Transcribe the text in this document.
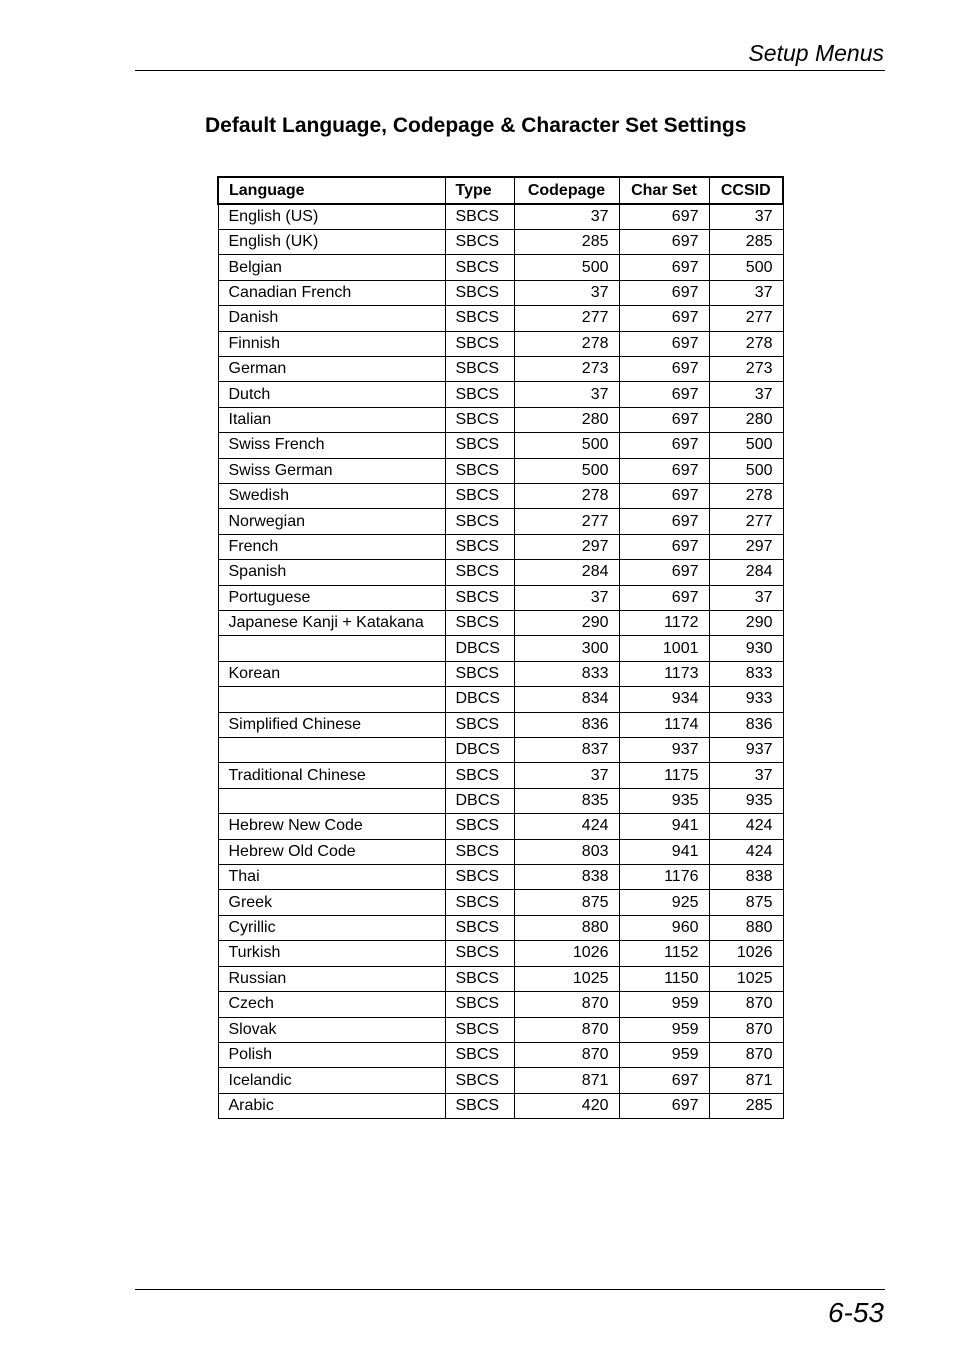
Setup Menus
Default Language, Codepage & Character Set Settings
Language	Type	Codepage	Char Set	CCSID
English (US)	SBCS	37	697	37
English (UK)	SBCS	285	697	285
Belgian	SBCS	500	697	500
Canadian French	SBCS	37	697	37
Danish	SBCS	277	697	277
Finnish	SBCS	278	697	278
German	SBCS	273	697	273
Dutch	SBCS	37	697	37
Italian	SBCS	280	697	280
Swiss French	SBCS	500	697	500
Swiss German	SBCS	500	697	500
Swedish	SBCS	278	697	278
Norwegian	SBCS	277	697	277
French	SBCS	297	697	297
Spanish	SBCS	284	697	284
Portuguese	SBCS	37	697	37
Japanese Kanji + Katakana	SBCS	290	1172	290
	DBCS	300	1001	930
Korean	SBCS	833	1173	833
	DBCS	834	934	933
Simplified Chinese	SBCS	836	1174	836
	DBCS	837	937	937
Traditional Chinese	SBCS	37	1175	37
	DBCS	835	935	935
Hebrew New Code	SBCS	424	941	424
Hebrew Old Code	SBCS	803	941	424
Thai	SBCS	838	1176	838
Greek	SBCS	875	925	875
Cyrillic	SBCS	880	960	880
Turkish	SBCS	1026	1152	1026
Russian	SBCS	1025	1150	1025
Czech	SBCS	870	959	870
Slovak	SBCS	870	959	870
Polish	SBCS	870	959	870
Icelandic	SBCS	871	697	871
Arabic	SBCS	420	697	285
6-53
